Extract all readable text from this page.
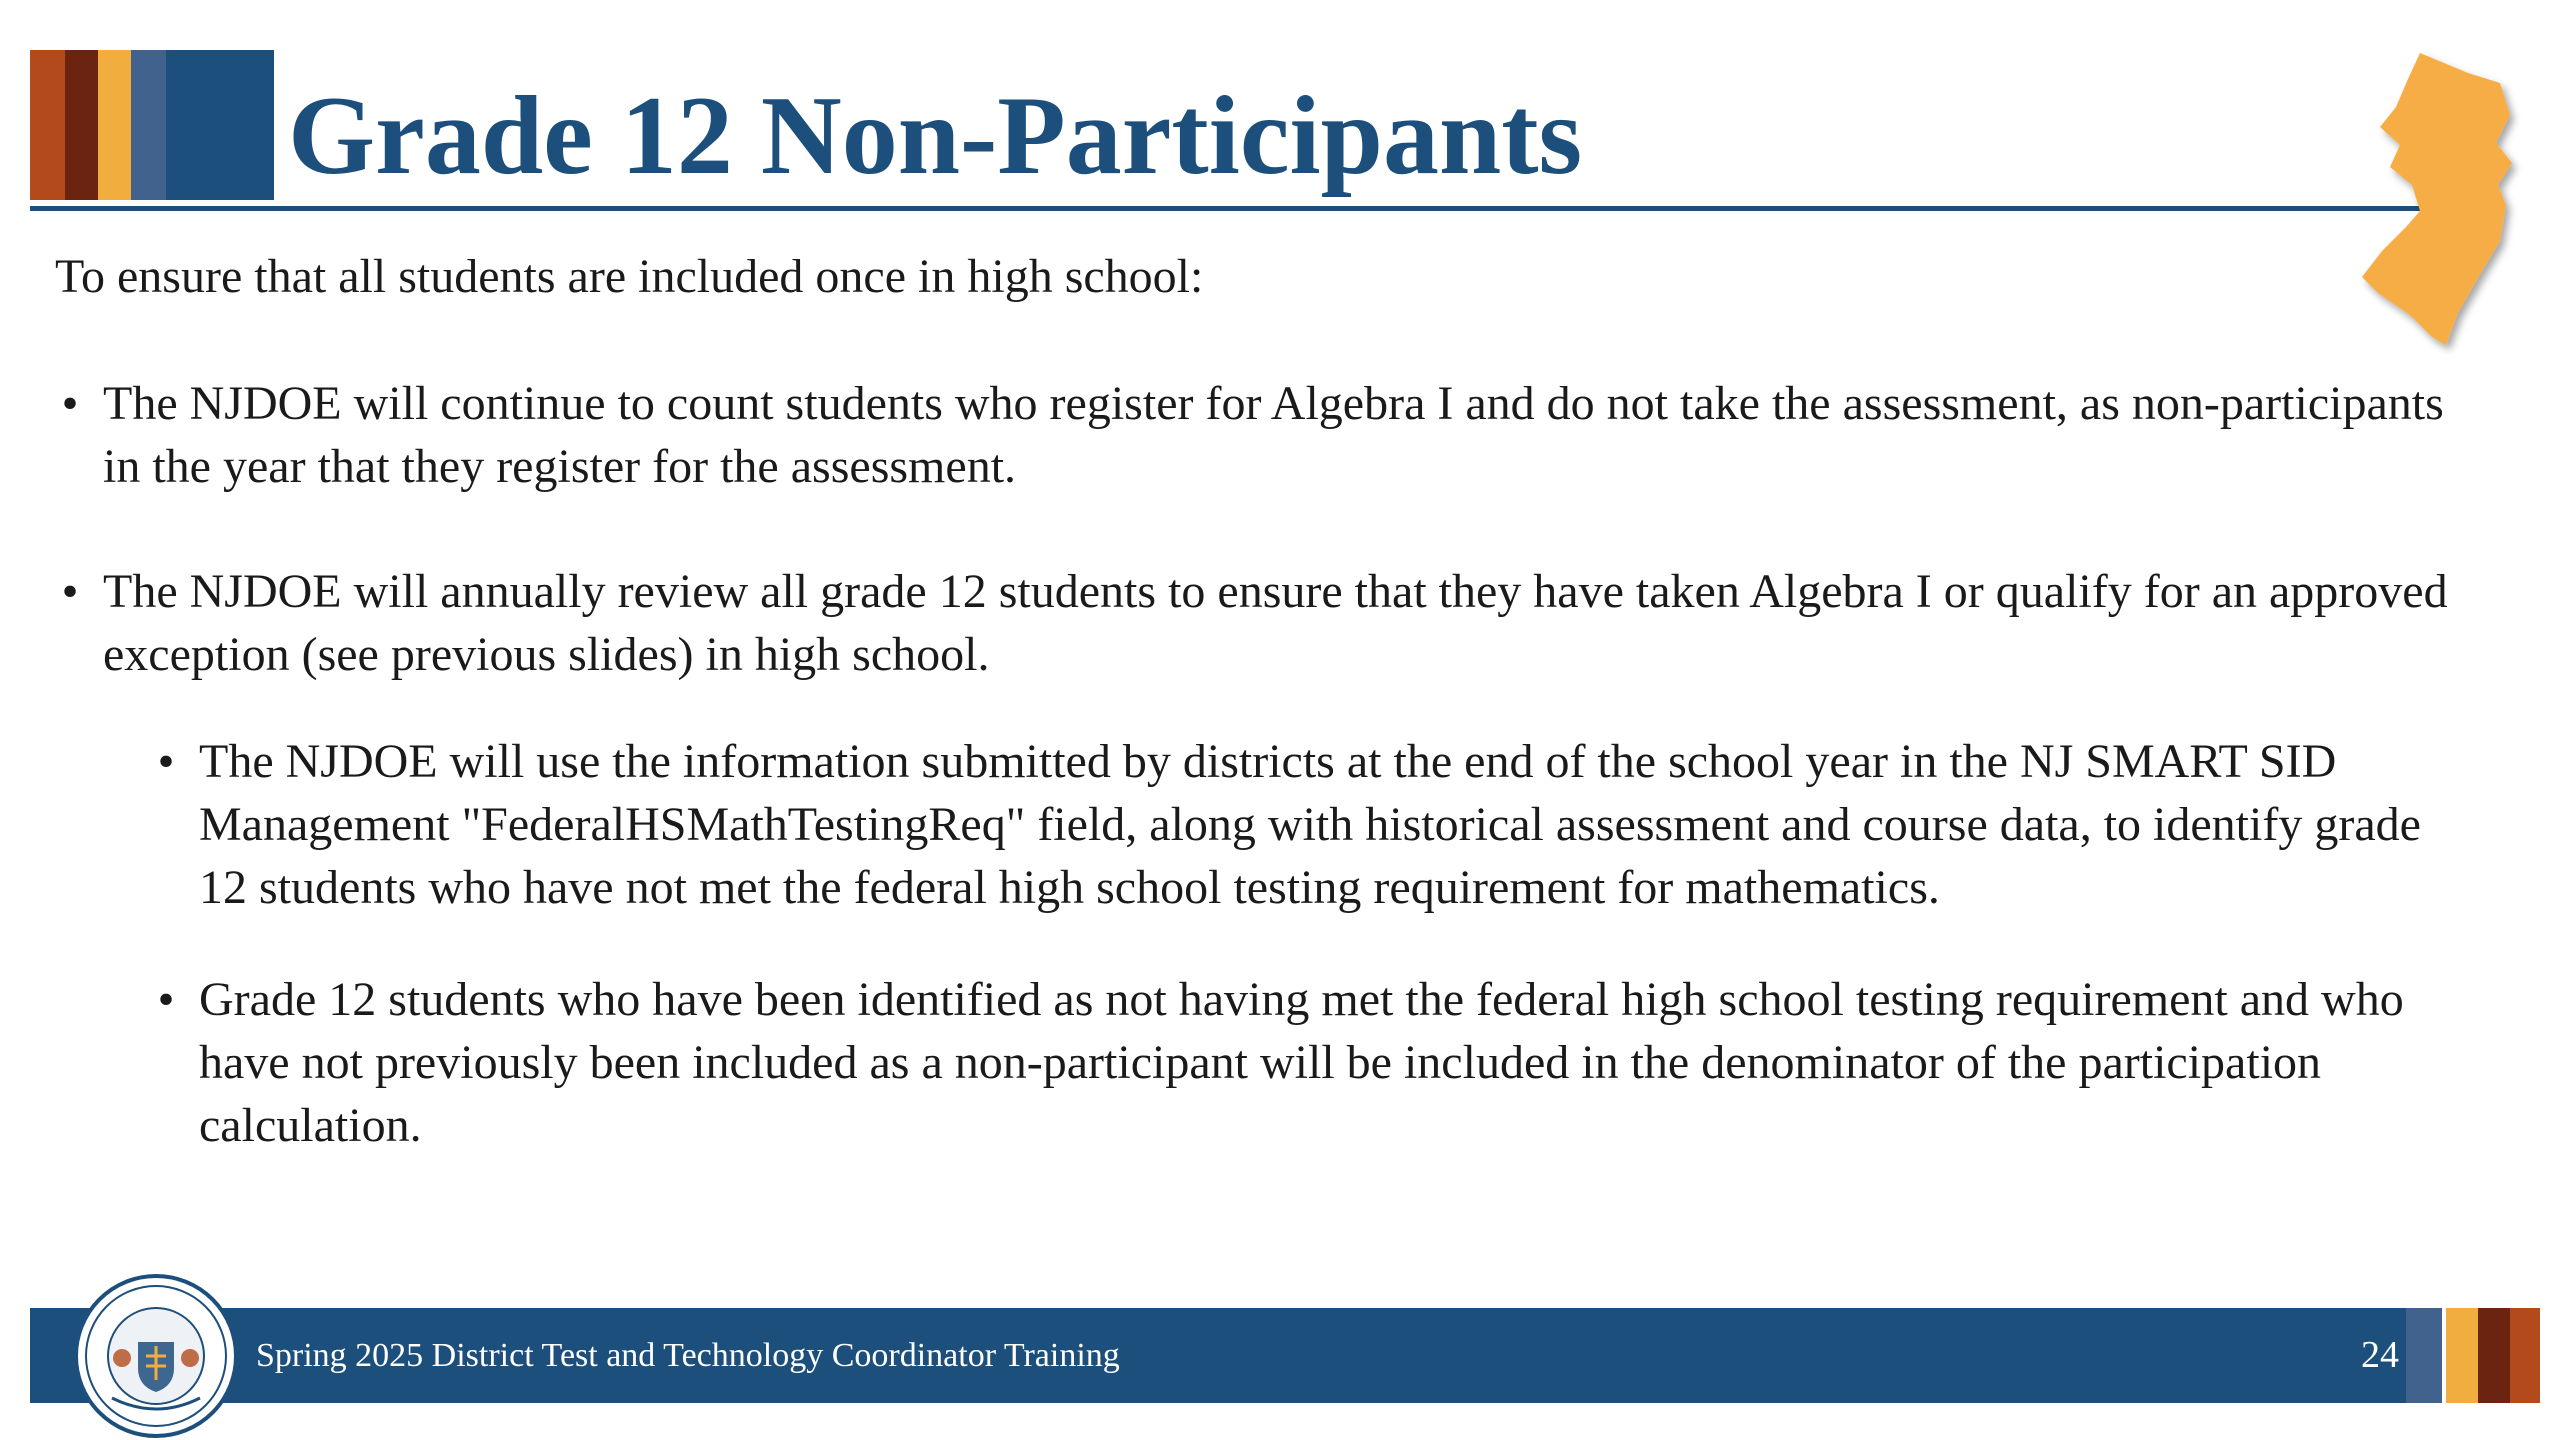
Grade 12 Non-Participants

To ensure that all students are included once in high school:

• The NJDOE will continue to count students who register for Algebra I and do not take the assessment, as non-participants in the year that they register for the assessment.
• The NJDOE will annually review all grade 12 students to ensure that they have taken Algebra I or qualify for an approved exception (see previous slides) in high school.
• The NJDOE will use the information submitted by districts at the end of the school year in the NJ SMART SID Management "FederalHSMathTestingReq" field, along with historical assessment and course data, to identify grade 12 students who have not met the federal high school testing requirement for mathematics.
• Grade 12 students who have been identified as not having met the federal high school testing requirement and who have not previously been included as a non-participant will be included in the denominator of the participation calculation.
Spring 2025 District Test and Technology Coordinator Training	24
